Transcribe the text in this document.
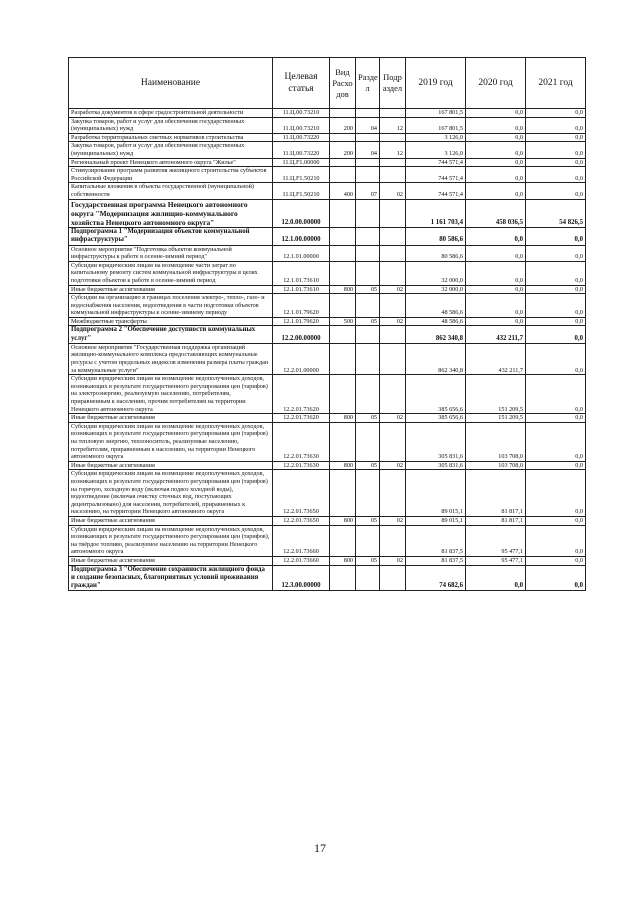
Наименование	Целевая статья	Вид Расхо дов	Разде л	Подр аздел	2019 год	2020 год	2021 год
Разработка документов в сфере градостроительной деятельности	11.Ц.00.73210				167 801,5	0,0	0,0
Закупка товаров, работ и услуг для обеспечения государственных (муниципальных) нужд	11.Ц.00.73210	200	04	12	167 801,5	0,0	0,0
Разработка территориальных сметных нормативов строительства	11.Ц.00.73220				3 126,0	0,0	0,0
Закупка товаров, работ и услуг для обеспечения государственных (муниципальных) нужд	11.Ц.00.73220	200	04	12	3 126,0	0,0	0,0
Региональный проект Ненецкого автономного округа "Жилье"	11.Ц.F1.00000				744 571,4	0,0	0,0
Стимулирование программ развития жилищного строительства субъектов Российской Федерации	11.Ц.F1.50210				744 571,4	0,0	0,0
Капитальные вложения в объекты государственной (муниципальной) собственности	11.Ц.F1.50210	400	07	02	744 571,4	0,0	0,0
Государственная программа Ненецкого автономного округа "Модернизация жилищно-коммунального хозяйства Ненецкого автономного округа"	12.0.00.00000				1 161 703,4	458 036,5	54 826,5
Подпрограмма 1 "Модернизация объектов коммунальной инфраструктуры"	12.1.00.00000				80 586,6	0,0	0,0
Основное мероприятие "Подготовка объектов коммунальной инфраструктуры к работе в осенне-зимний период"	12.1.01.00000				80 586,6	0,0	0,0
Субсидии юридическим лицам на возмещение части затрат по капитальному ремонту систем коммунальной инфраструктуры в целях подготовки объектов к работе в осенне-зимний период	12.1.01.73610				32 000,0	0,0	0,0
Иные бюджетные ассигнования	12.1.01.73610	800	05	02	32 000,0	0,0	0,0
Субсидии на организацию в границах поселения электро-, тепло-, газо- и водоснабжения населения, водоотведения в части подготовки объектов коммунальной инфраструктуры к осенне-зимнему периоду	12.1.01.79620				48 586,6	0,0	0,0
Межбюджетные трансферты	12.1.01.79620	500	05	02	48 586,6	0,0	0,0
Подпрограмма 2 "Обеспечение доступности коммунальных услуг"	12.2.00.00000				862 340,8	432 211,7	0,0
Основное мероприятие "Государственная поддержка организаций жилищно-коммунального комплекса предоставляющих коммунальные ресурсы с учетом предельных индексов изменения размера платы граждан за коммунальные услуги"	12.2.01.00000				862 340,8	432 211,7	0,0
Субсидии юридическим лицам на возмещение недополученных доходов, возникающих в результате государственного регулирования цен (тарифов) на электроэнергию, реализуемую населению, потребителям, приравненным к населению, прочим потребителям на территории Ненецкого автономного округа	12.2.01.73620				385 656,6	151 209,5	0,0
Иные бюджетные ассигнования	12.2.01.73620	800	05	02	385 656,6	151 209,5	0,0
Субсидии юридическим лицам на возмещение недополученных доходов, возникающих в результате государственного регулирования цен (тарифов) на тепловую энергию, теплоноситель, реализуемые населению, потребителям, приравненным к населению, на территории Ненецкого автономного округа	12.2.01.73630				305 831,6	103 708,0	0,0
Иные бюджетные ассигнования	12.2.01.73630	800	05	02	305 831,6	103 708,0	0,0
Субсидии юридическим лицам на возмещение недополученных доходов, возникающих в результате государственного регулирования цен (тарифов) на горячую, холодную воду (включая подвоз холодной воды), водоотведение (включая очистку сточных вод, поступающих децентрализовано) для населения, потребителей, приравненных к населению, на территории Ненецкого автономного округа	12.2.01.73650				89 015,1	81 817,1	0,0
Иные бюджетные ассигнования	12.2.01.73650	800	05	02	89 015,1	81 817,1	0,0
Субсидии юридическим лицам на возмещение недополученных доходов, возникающих в результате государственного регулирования цен (тарифов), на твёрдое топливо, реализуемое населению на территории Ненецкого автономного округа	12.2.01.73660				81 837,5	95 477,1	0,0
Иные бюджетные ассигнования	12.2.01.73660	800	05	02	81 837,5	95 477,1	0,0
Подпрограмма 3 "Обеспечение сохранности жилищного фонда и создание безопасных, благоприятных условий проживания граждан"	12.3.00.00000				74 682,6	0,0	0,0
17
